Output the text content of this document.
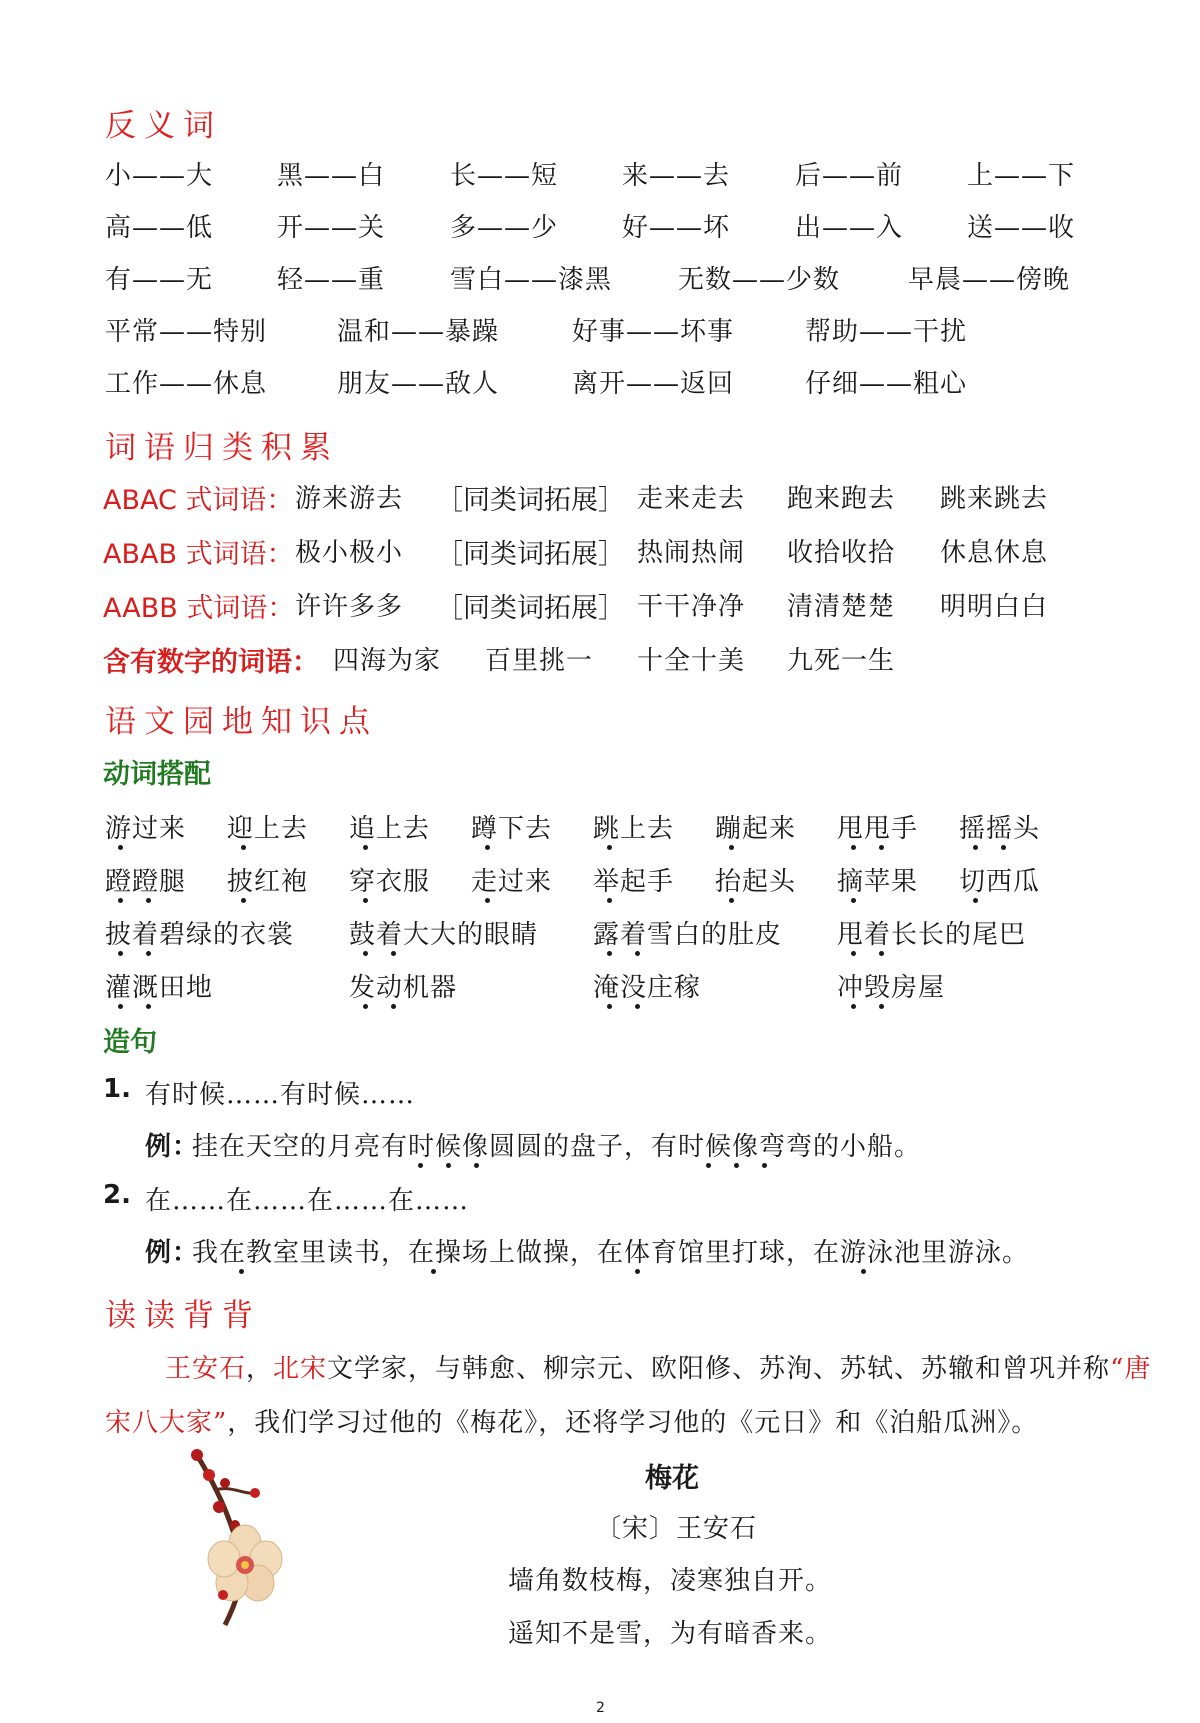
反义词
小——大 黑——白 长——短 来——去 后——前 上——下
高——低 开——关 多——少 好——坏 出——入 送——收
有——无 轻——重 雪白——漆黑	无数——少数	早晨——傍晚
平常——特别	温和——暴躁	好事——坏事	帮助——干扰
工作——休息	朋友——敌人	离开——返回	仔细——粗心
词语归类积累
ABAC 式词语： 游来游去 ［同类词拓展］ 走来走去 跑来跑去 跳来跳去
ABAB 式词语： 极小极小 ［同类词拓展］ 热闹热闹 收拾收拾 休息休息
AABB 式词语： 许许多多 ［同类词拓展］ 干干净净 清清楚楚 明明白白
含有数字的词语： 四海为家 百里挑一 十全十美 九死一生
语文园地知识点
动词搭配
游过来 迎上去 追上去 蹲下去 跳上去 蹦起来 甩甩手 摇摇头
蹬蹬腿 披红袍 穿衣服 走过来 举起手 抬起头 摘苹果 切西瓜
披着碧绿的衣裳 鼓着大大的眼睛 露着雪白的肚皮 甩着长长的尾巴
灌溉田地	发动机器	淹没庄稼	冲毁房屋
造句
1. 有时候……有时候……
例：
挂在天空的月亮有时候像圆圆的盘子，有时候像弯弯的小船。
2. 在……在……在……在……
例：
我在教室里读书，在操场上做操，在体育馆里打球，在游泳池里游泳。
读读背背
王安石，北宋文学家，与韩愈、柳宗元、欧阳修、苏洵、苏轼、苏辙和曾巩并称“唐
宋八大家”，我们学习过他的《梅花》，还将学习他的《元日》和《泊船瓜洲》。
梅花
〔宋〕王安石
墙角数枝梅，凌寒独自开。
遥知不是雪，为有暗香来。
2
